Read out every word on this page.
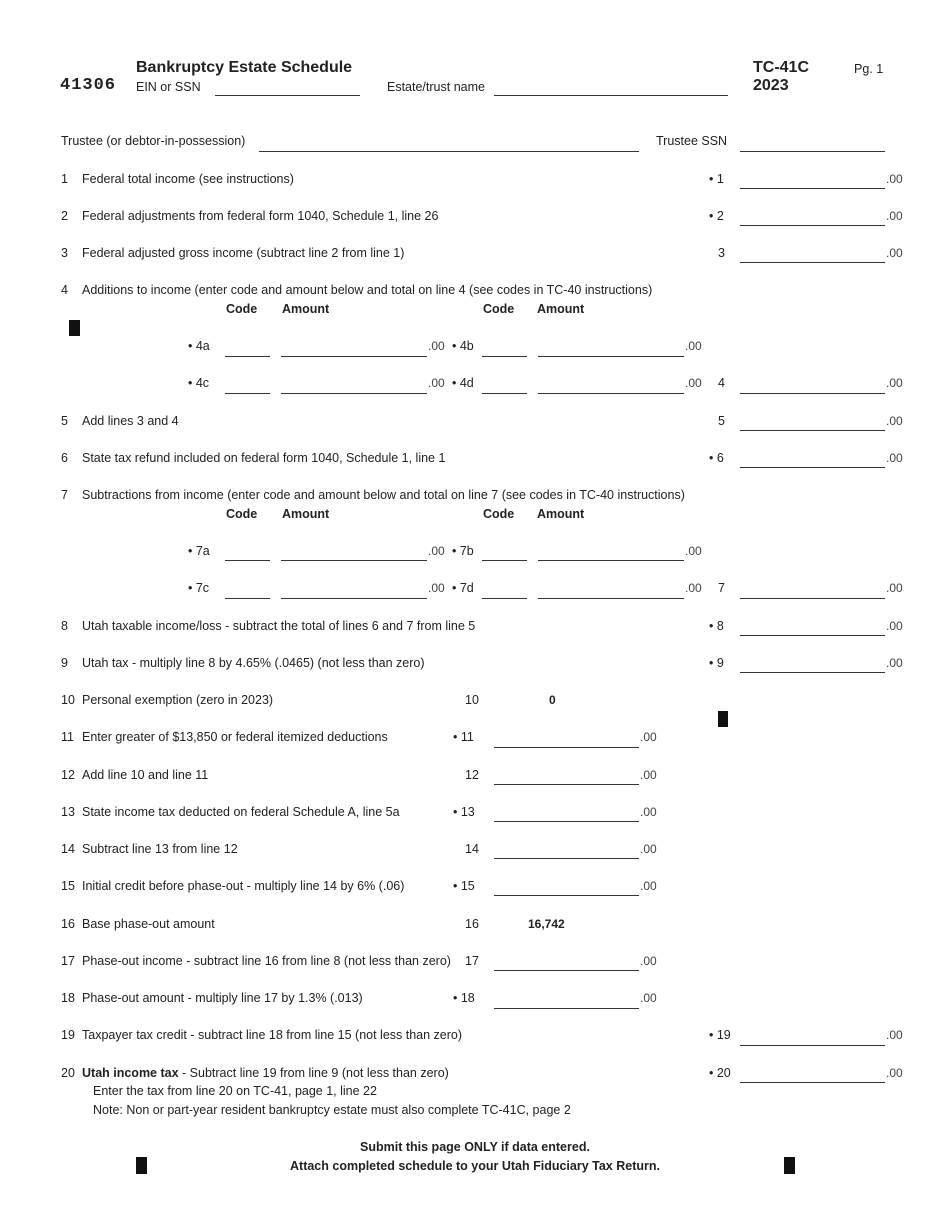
41306
Bankruptcy Estate Schedule
EIN or SSN	Estate/trust name
TC-41C
2023
Pg. 1
Trustee (or debtor-in-possession)	Trustee SSN
1 Federal total income (see instructions)	• 1	.00
2 Federal adjustments from federal form 1040, Schedule 1, line 26	• 2	.00
3 Federal adjusted gross income (subtract line 2 from line 1)	3	.00
4 Additions to income (enter code and amount below and total on line 4 (see codes in TC-40 instructions)
Code Amount	Code Amount
• 4a	.00 • 4b	.00
• 4c	.00 • 4d	.00 4	.00
5 Add lines 3 and 4	5	.00
6 State tax refund included on federal form 1040, Schedule 1, line 1	• 6	.00
7 Subtractions from income (enter code and amount below and total on line 7 (see codes in TC-40 instructions)
Code Amount	Code Amount
• 7a	.00 • 7b	.00
• 7c	.00 • 7d	.00 7	.00
8 Utah taxable income/loss - subtract the total of lines 6 and 7 from line 5	• 8	.00
9 Utah tax - multiply line 8 by 4.65% (.0465) (not less than zero)	• 9	.00
10 Personal exemption (zero in 2023)	10	0
11 Enter greater of $13,850 or federal itemized deductions	• 11	.00
12 Add line 10 and line 11	12	.00
13 State income tax deducted on federal Schedule A, line 5a	• 13	.00
14 Subtract line 13 from line 12	14	.00
15 Initial credit before phase-out - multiply line 14 by 6% (.06)	• 15	.00
16 Base phase-out amount	16	16,742
17 Phase-out income - subtract line 16 from line 8 (not less than zero) 17	.00
18 Phase-out amount - multiply line 17 by 1.3% (.013)	• 18	.00
19 Taxpayer tax credit - subtract line 18 from line 15 (not less than zero)	• 19	.00
20 Utah income tax - Subtract line 19 from line 9 (not less than zero)	• 20	.00
Enter the tax from line 20 on TC-41, page 1, line 22
Note: Non or part-year resident bankruptcy estate must also complete TC-41C, page 2
Submit this page ONLY if data entered.
Attach completed schedule to your Utah Fiduciary Tax Return.
